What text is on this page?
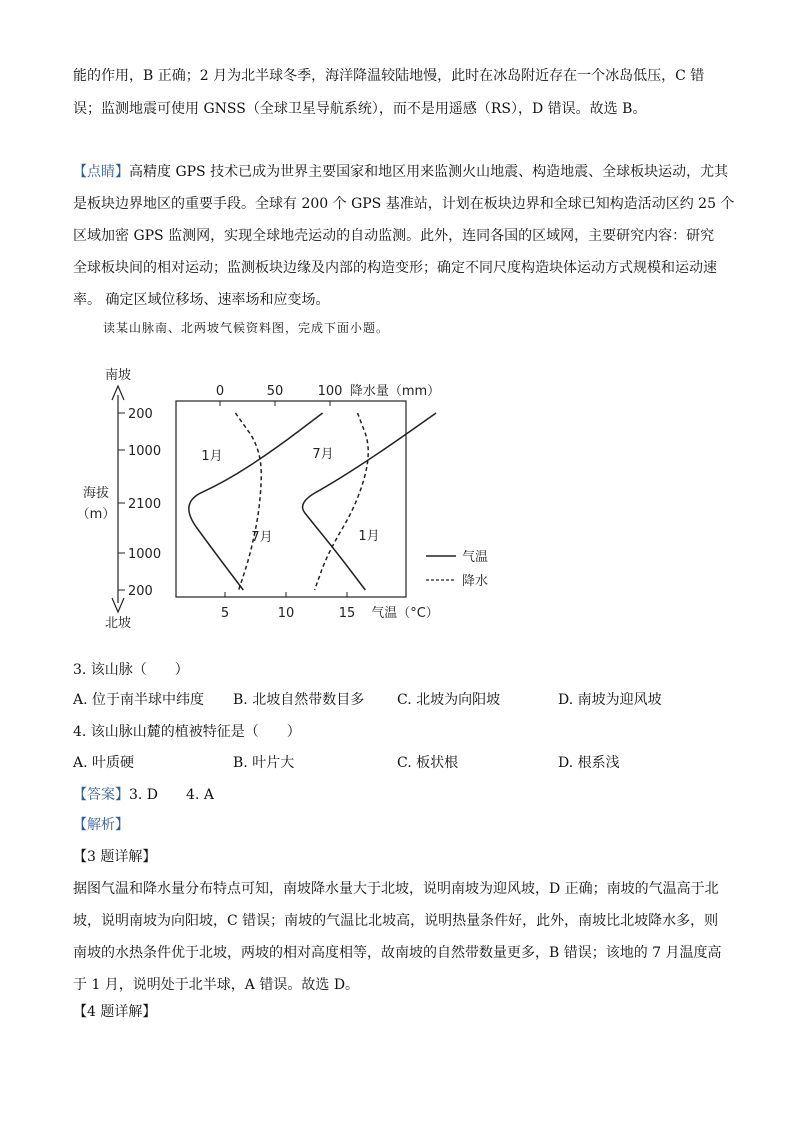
能的作用，B 正确；2 月为北半球冬季，海洋降温较陆地慢，此时在冰岛附近存在一个冰岛低压，C 错
误；监测地震可使用 GNSS（全球卫星导航系统），而不是用遥感（RS），D 错误。故选 B。
【点睛】高精度 GPS 技术已成为世界主要国家和地区用来监测火山地震、构造地震、全球板块运动，尤其
是板块边界地区的重要手段。全球有 200 个 GPS 基准站，计划在板块边界和全球已知构造活动区约 25 个
区域加密 GPS 监测网，实现全球地壳运动的自动监测。此外，连同各国的区域网，主要研究内容：研究
全球板块间的相对运动；监测板块边缘及内部的构造变形；确定不同尺度构造块体运动方式规模和运动速
率。 确定区域位移场、速率场和应变场。
读某山脉南、北两坡气候资料图，完成下面小题。
0	50	100 降水量（mm）
5	10	15 气温（°C）
200
1000
2100
1000
200
南坡
北坡
海拔
（m）
1月	7月
7月	1月
气温
降水
3. 该山脉（　　）
A. 位于南半球中纬度 B. 北坡自然带数目多 C. 北坡为向阳坡	D. 南坡为迎风坡
4. 该山脉山麓的植被特征是（　　）
A. 叶质硬	B. 叶片大	C. 板状根	D. 根系浅
【答案】3. D　　4. A
【解析】
【3 题详解】
据图气温和降水量分布特点可知，南坡降水量大于北坡，说明南坡为迎风坡，D 正确；南坡的气温高于北
坡，说明南坡为向阳坡，C 错误；南坡的气温比北坡高，说明热量条件好，此外，南坡比北坡降水多，则
南坡的水热条件优于北坡，两坡的相对高度相等，故南坡的自然带数量更多，B 错误；该地的 7 月温度高
于 1 月，说明处于北半球，A 错误。故选 D。
【4 题详解】
